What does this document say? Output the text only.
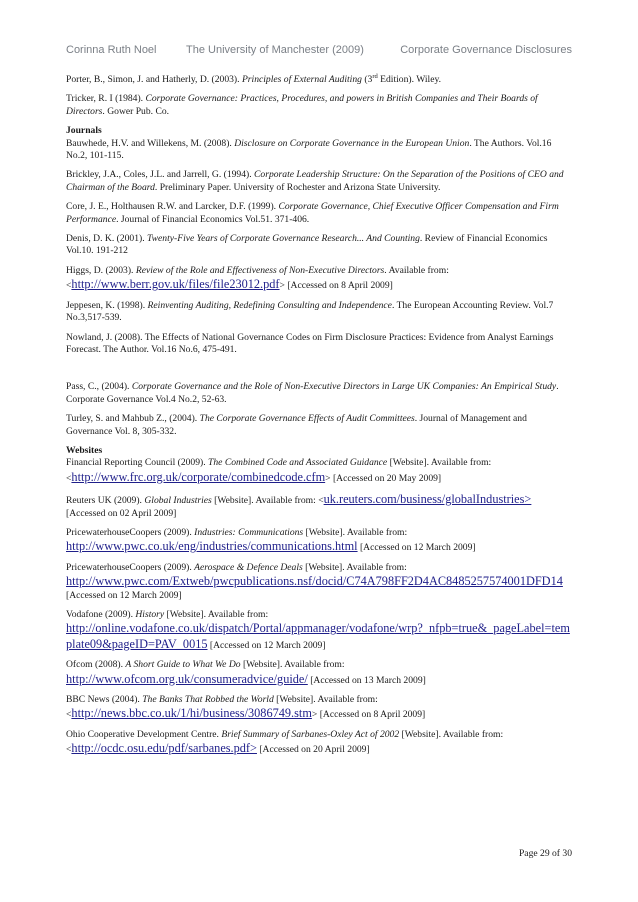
Corinna Ruth Noel	The University of Manchester (2009)	Corporate Governance Disclosures

Porter, B., Simon, J. and Hatherly, D. (2003). Principles of External Auditing (3rd Edition). Wiley.

Tricker, R. I (1984). Corporate Governance: Practices, Procedures, and powers in British Companies and Their Boards of Directors. Gower Pub. Co.

Journals

Bauwhede, H.V. and Willekens, M. (2008). Disclosure on Corporate Governance in the European Union. The Authors. Vol.16 No.2, 101-115.

Brickley, J.A., Coles, J.L. and Jarrell, G. (1994). Corporate Leadership Structure: On the Separation of the Positions of CEO and Chairman of the Board. Preliminary Paper. University of Rochester and Arizona State University.

Core, J. E., Holthausen R.W. and Larcker, D.F. (1999). Corporate Governance, Chief Executive Officer Compensation and Firm Performance. Journal of Financial Economics Vol.51. 371-406.

Denis, D. K. (2001). Twenty-Five Years of Corporate Governance Research... And Counting. Review of Financial Economics Vol.10. 191-212

Higgs, D. (2003). Review of the Role and Effectiveness of Non-Executive Directors. Available from:
<http://www.berr.gov.uk/files/file23012.pdf> [Accessed on 8 April 2009]

Jeppesen, K. (1998). Reinventing Auditing, Redefining Consulting and Independence. The European Accounting Review. Vol.7 No.3,517-539.

Nowland, J. (2008). The Effects of National Governance Codes on Firm Disclosure Practices: Evidence from Analyst Earnings Forecast. The Author. Vol.16 No.6, 475-491.

Pass, C., (2004). Corporate Governance and the Role of Non-Executive Directors in Large UK Companies: An Empirical Study. Corporate Governance Vol.4 No.2, 52-63.

Turley, S. and Mahbub Z., (2004). The Corporate Governance Effects of Audit Committees. Journal of Management and Governance Vol. 8, 305-332.

Websites

Financial Reporting Council (2009). The Combined Code and Associated Guidance [Website]. Available from:
<http://www.frc.org.uk/corporate/combinedcode.cfm> [Accessed on 20 May 2009]

Reuters UK (2009). Global Industries [Website]. Available from: <uk.reuters.com/business/globalIndustries>
[Accessed on 02 April 2009]

PricewaterhouseCoopers (2009). Industries: Communications [Website]. Available from:
http://www.pwc.co.uk/eng/industries/communications.html [Accessed on 12 March 2009]

PricewaterhouseCoopers (2009). Aerospace & Defence Deals [Website]. Available from:
http://www.pwc.com/Extweb/pwcpublications.nsf/docid/C74A798FF2D4AC8485257574001DFD14 [Accessed on 12 March 2009]

Vodafone (2009). History [Website]. Available from:
http://online.vodafone.co.uk/dispatch/Portal/appmanager/vodafone/wrp?_nfpb=true&_pageLabel=template09&pageID=PAV_0015 [Accessed on 12 March 2009]

Ofcom (2008). A Short Guide to What We Do [Website]. Available from:
http://www.ofcom.org.uk/consumeradvice/guide/ [Accessed on 13 March 2009]

BBC News (2004). The Banks That Robbed the World [Website]. Available from:
<http://news.bbc.co.uk/1/hi/business/3086749.stm> [Accessed on 8 April 2009]

Ohio Cooperative Development Centre. Brief Summary of Sarbanes-Oxley Act of 2002 [Website]. Available from:
<http://ocdc.osu.edu/pdf/sarbanes.pdf> [Accessed on 20 April 2009]

Page 29 of 30
